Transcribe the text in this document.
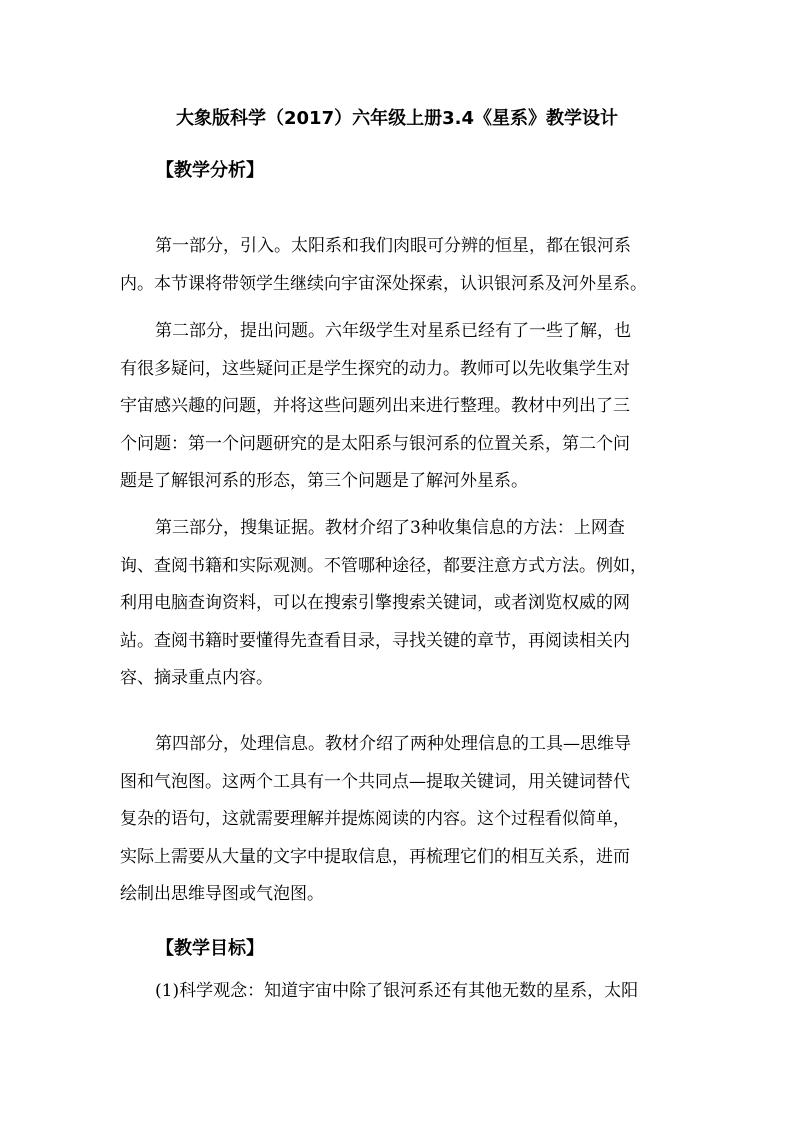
大象版科学（2017）六年级上册3.4《星系》教学设计
【教学分析】

第一部分，引入。太阳系和我们肉眼可分辨的恒星，都在银河系
内。本节课将带领学生继续向宇宙深处探索，认识银河系及河外星系。

第二部分，提出问题。六年级学生对星系已经有了一些了解，也
有很多疑问，这些疑问正是学生探究的动力。教师可以先收集学生对
宇宙感兴趣的问题，并将这些问题列出来进行整理。教材中列出了三
个问题：第一个问题研究的是太阳系与银河系的位置关系，第二个问
题是了解银河系的形态，第三个问题是了解河外星系。

第三部分，搜集证据。教材介绍了3种收集信息的方法：上网查
询、查阅书籍和实际观测。不管哪种途径，都要注意方式方法。例如，
利用电脑查询资料，可以在搜索引擎搜索关键词，或者浏览权威的网
站。查阅书籍时要懂得先查看目录，寻找关键的章节，再阅读相关内
容、摘录重点内容。

第四部分，处理信息。教材介绍了两种处理信息的工具—思维导
图和气泡图。这两个工具有一个共同点—提取关键词，用关键词替代
复杂的语句，这就需要理解并提炼阅读的内容。这个过程看似简单，
实际上需要从大量的文字中提取信息，再梳理它们的相互关系，进而
绘制出思维导图或气泡图。

【教学目标】

(1)科学观念：知道宇宙中除了银河系还有其他无数的星系，太阳
